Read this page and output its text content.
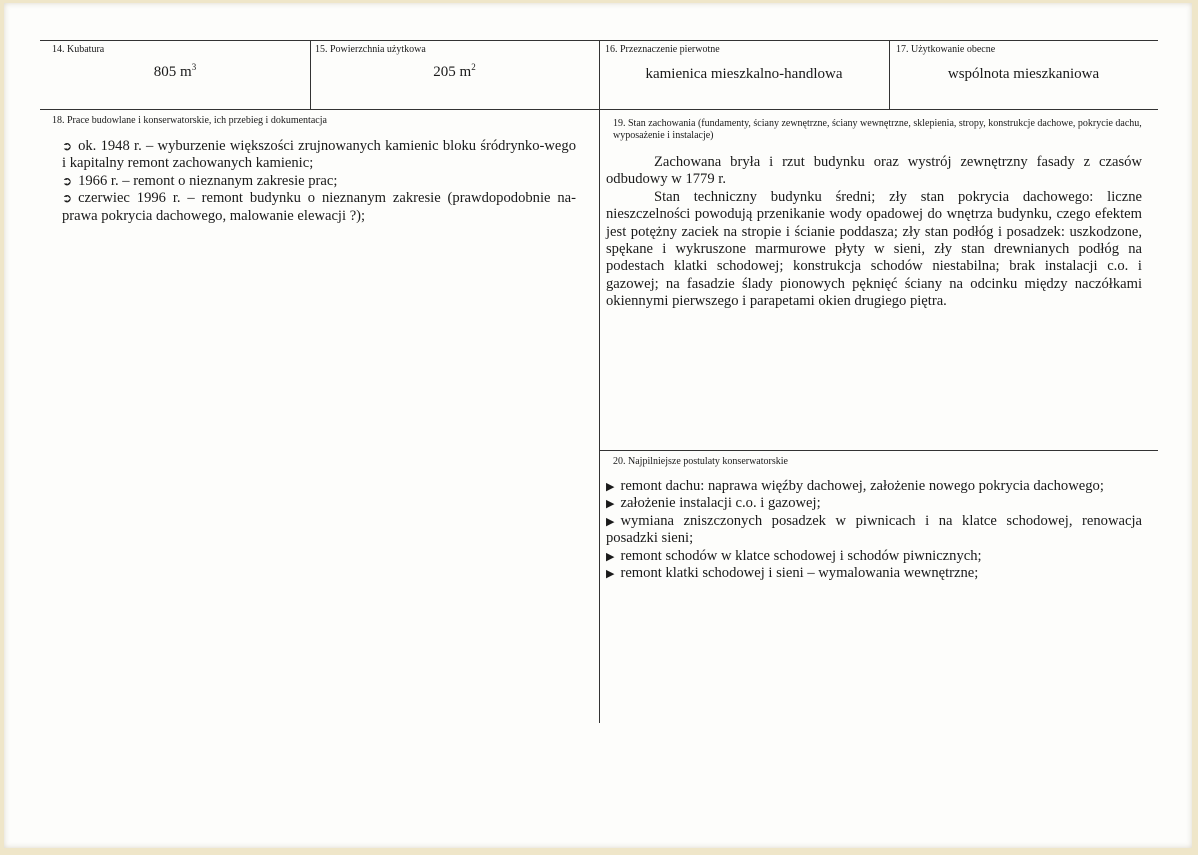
14. Kubatura
805 $m^3$
15. Powierzchnia użytkowa
205 $m^2$
16. Przeznaczenie pierwotne
kamienica mieszkalno-handlowa
17. Użytkowanie obecne
wspólnota mieszkaniowa
18. Prace budowlane i konserwatorskie, ich przebieg i dokumentacja

➲ ok. 1948 r. – wyburzenie większości zrujnowanych kamienic bloku śródrynko-wego i kapitalny remont zachowanych kamienic;

➲ 1966 r. – remont o nieznanym zakresie prac;

➲ czerwiec 1996 r. – remont budynku o nieznanym zakresie (prawdopodobnie na-prawa pokrycia dachowego, malowanie elewacji ?);

19. Stan zachowania (fundamenty, ściany zewnętrzne, ściany wewnętrzne, sklepienia, stropy, konstrukcje dachowe, pokrycie dachu, wyposażenie i instalacje)

Zachowana bryła i rzut budynku oraz wystrój zewnętrzny fasady z czasów odbudowy w 1779 r.

Stan techniczny budynku średni; zły stan pokrycia dachowego: liczne nieszczelności powodują przenikanie wody opadowej do wnętrza budynku, czego efektem jest potężny zaciek na stropie i ścianie poddasza; zły stan podłóg i posadzek: uszkodzone, spękane i wykruszone marmurowe płyty w sieni, zły stan drewnianych podłóg na podestach klatki schodowej; konstrukcja schodów niestabilna; brak instalacji c.o. i gazowej; na fasadzie ślady pionowych pęknięć ściany na odcinku między naczółkami okiennymi pierwszego i parapetami okien drugiego piętra.

20. Najpilniejsze postulaty konserwatorskie

▶ remont dachu: naprawa więźby dachowej, założenie nowego pokrycia dachowego;

▶ założenie instalacji c.o. i gazowej;

▶ wymiana zniszczonych posadzek w piwnicach i na klatce schodowej, renowacja posadzki sieni;

▶ remont schodów w klatce schodowej i schodów piwnicznych;

▶ remont klatki schodowej i sieni – wymalowania wewnętrzne;
